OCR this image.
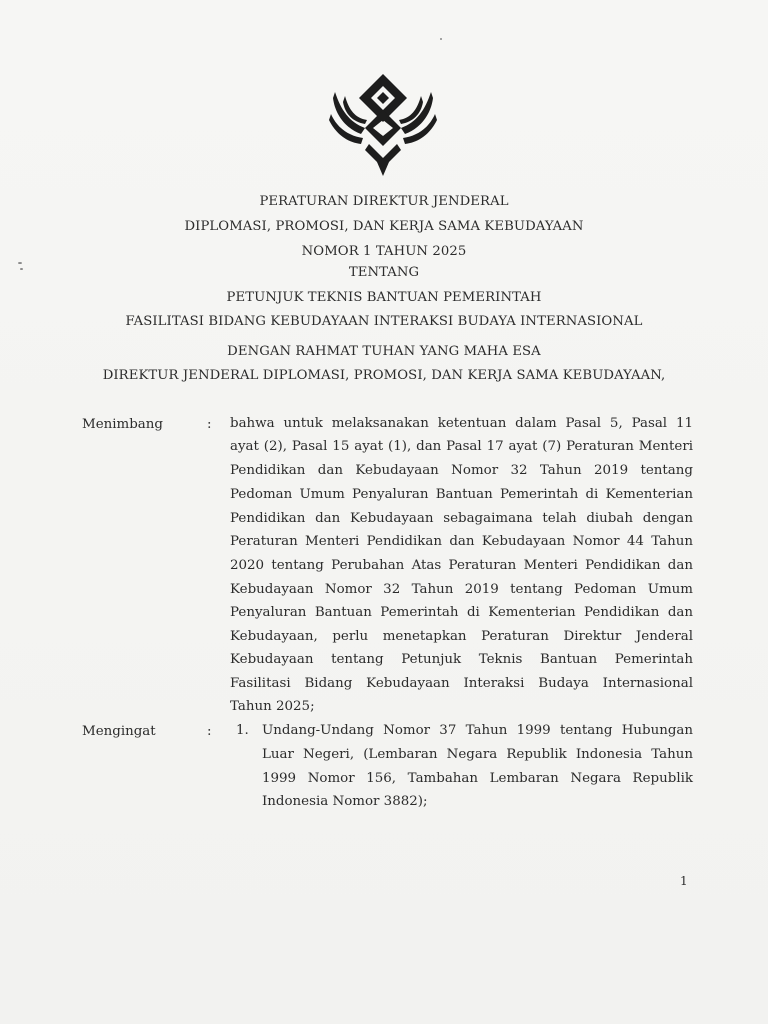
PERATURAN DIREKTUR JENDERAL
DIPLOMASI, PROMOSI, DAN KERJA SAMA KEBUDAYAAN
NOMOR 1 TAHUN 2025
TENTANG
PETUNJUK TEKNIS BANTUAN PEMERINTAH
FASILITASI BIDANG KEBUDAYAAN INTERAKSI BUDAYA INTERNASIONAL
DENGAN RAHMAT TUHAN YANG MAHA ESA
DIREKTUR JENDERAL DIPLOMASI, PROMOSI, DAN KERJA SAMA KEBUDAYAAN,
Menimbang	: bahwa untuk melaksanakan ketentuan dalam Pasal 5, Pasal 11
ayat (2), Pasal 15 ayat (1), dan Pasal 17 ayat (7) Peraturan Menteri
Pendidikan dan Kebudayaan Nomor 32 Tahun 2019 tentang
Pedoman Umum Penyaluran Bantuan Pemerintah di Kementerian
Pendidikan dan Kebudayaan sebagaimana telah diubah dengan
Peraturan Menteri Pendidikan dan Kebudayaan Nomor 44 Tahun
2020 tentang Perubahan Atas Peraturan Menteri Pendidikan dan
Kebudayaan Nomor 32 Tahun 2019 tentang Pedoman Umum
Penyaluran Bantuan Pemerintah di Kementerian Pendidikan dan
Kebudayaan, perlu menetapkan Peraturan Direktur Jenderal
Kebudayaan tentang Petunjuk Teknis Bantuan Pemerintah
Fasilitasi Bidang Kebudayaan Interaksi Budaya Internasional
Tahun 2025;
Mengingat	: 1. Undang-Undang Nomor 37 Tahun 1999 tentang Hubungan
Luar Negeri, (Lembaran Negara Republik Indonesia Tahun
1999 Nomor 156, Tambahan Lembaran Negara Republik
Indonesia Nomor 3882);
1
